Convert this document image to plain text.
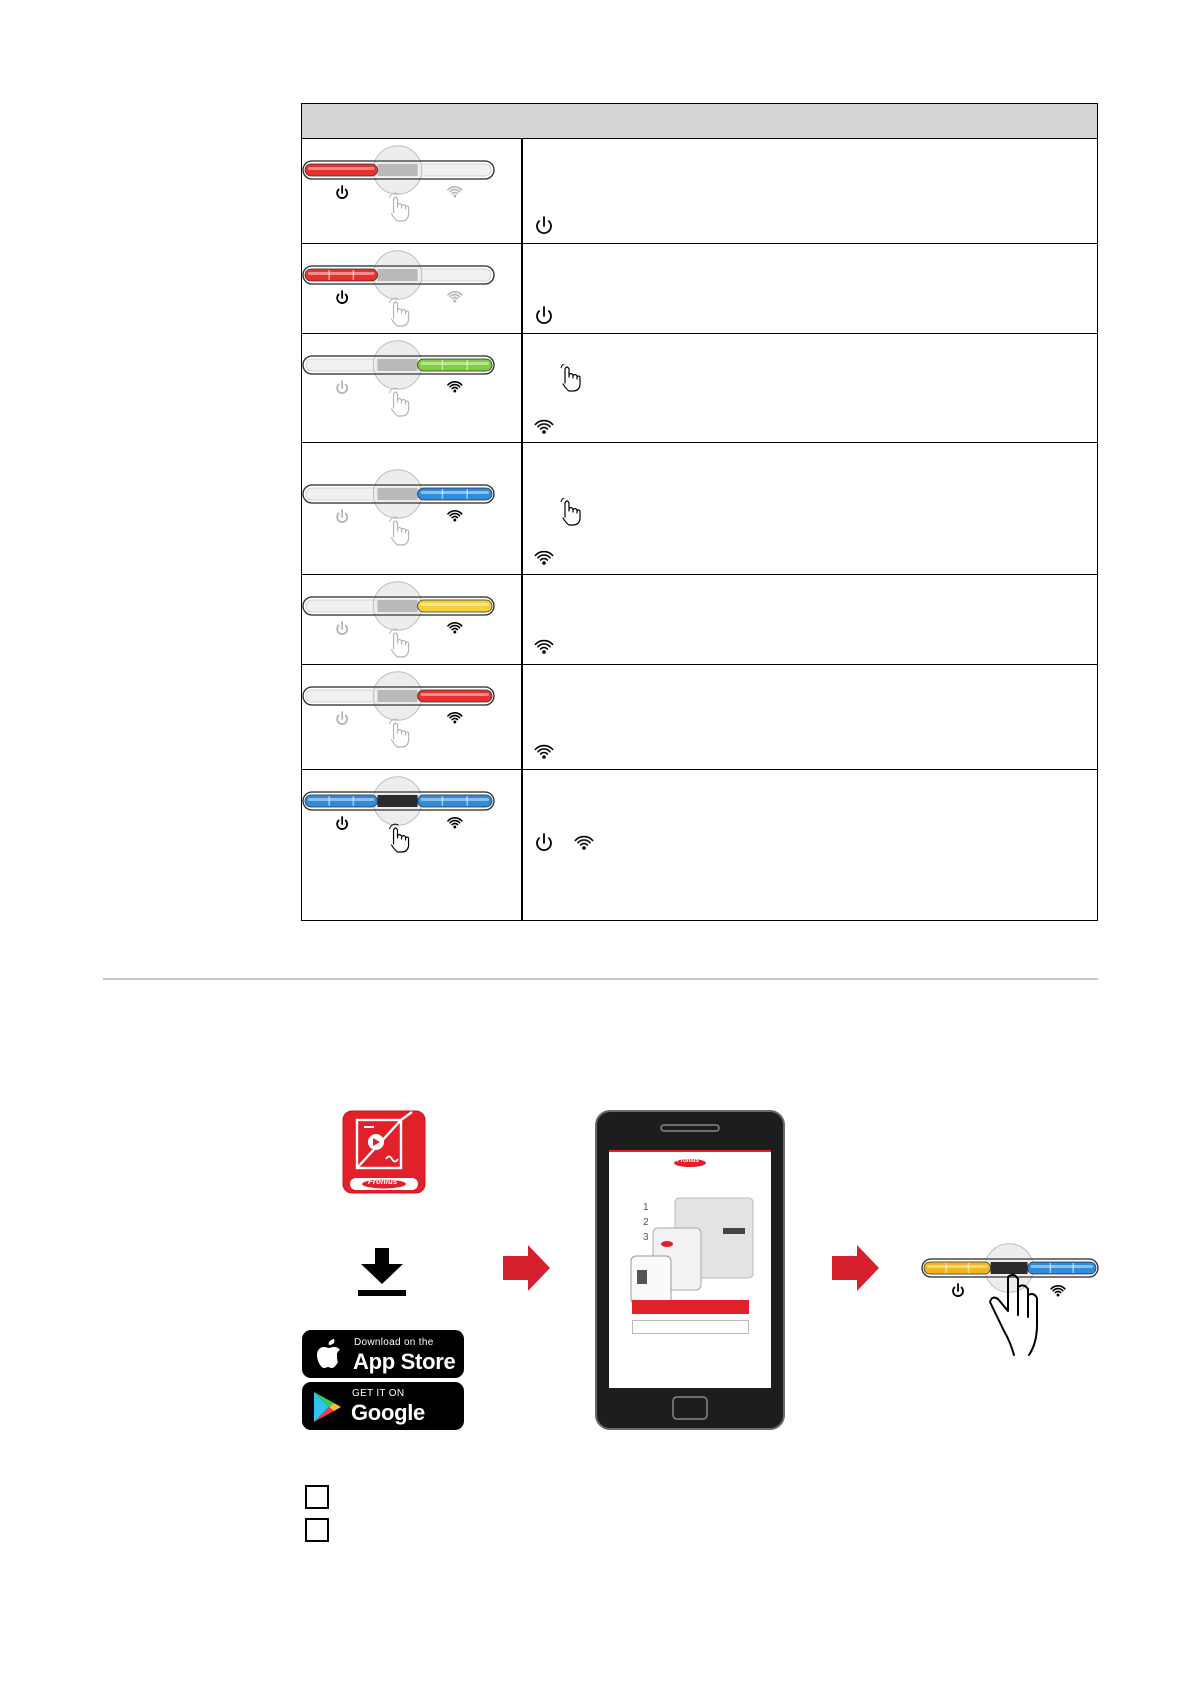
Fronius
Download on the
App Store
GET IT ON
Google Play
Fronius
1
2
3
